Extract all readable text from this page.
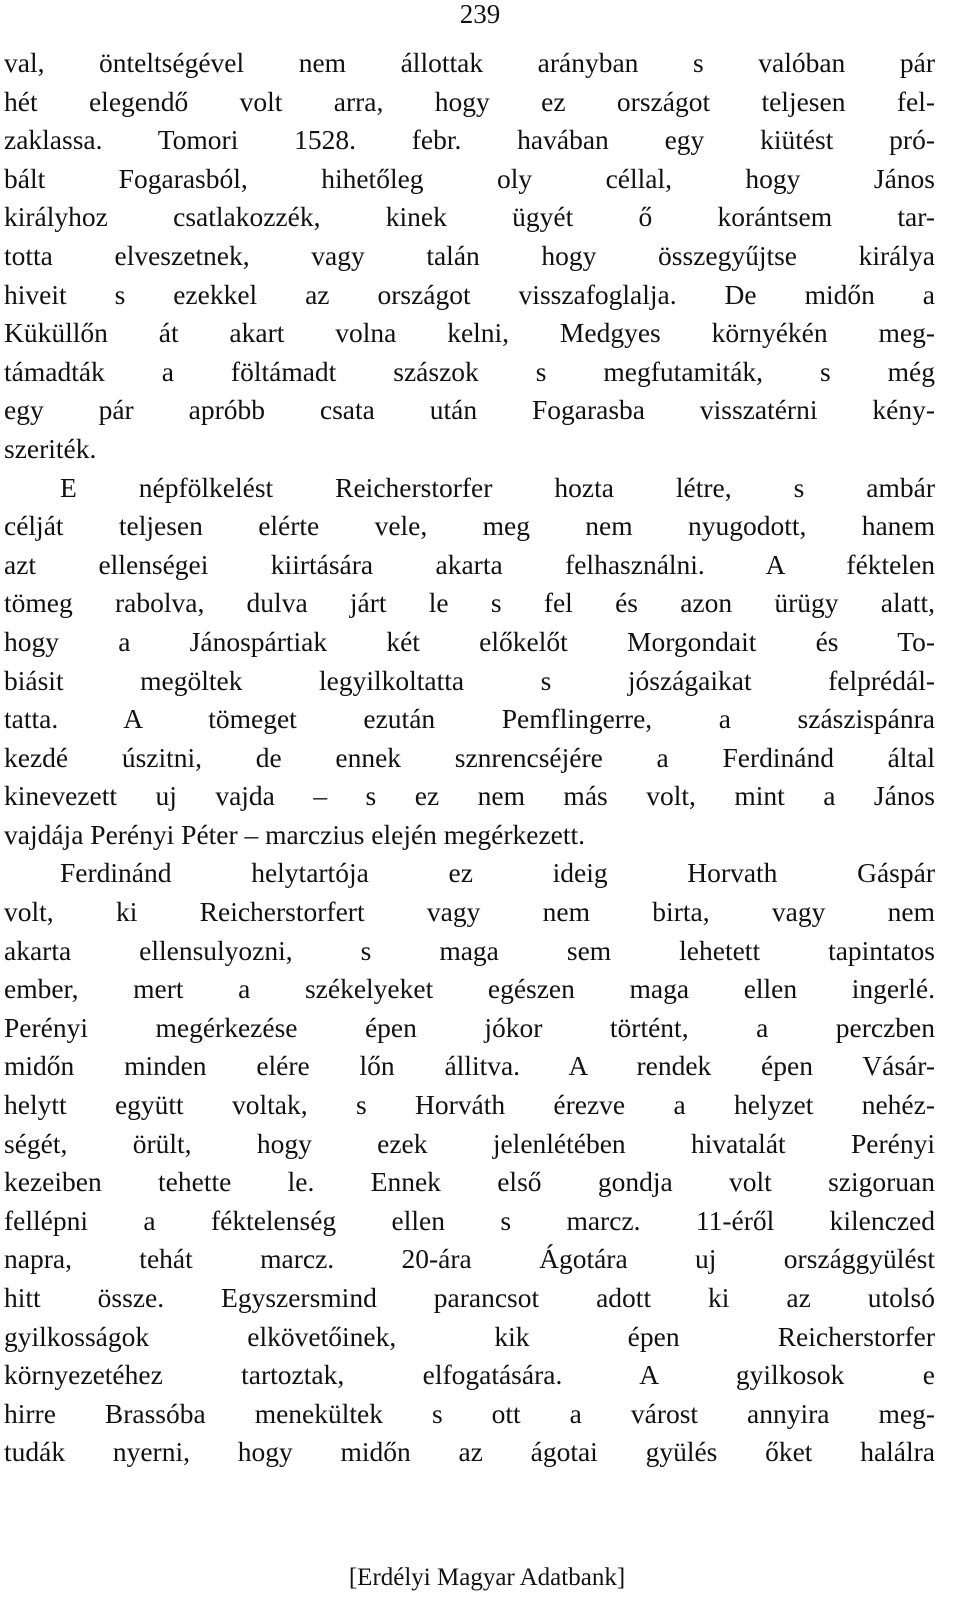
239
val, önteltségével nem állottak arányban s valóban pár
hét elegendő volt arra, hogy ez országot teljesen fel-
zaklassa. Tomori 1528. febr. havában egy kiütést pró-
bált Fogarasból, hihetőleg oly céllal, hogy János
királyhoz csatlakozzék, kinek ügyét ő korántsem tar-
totta elveszetnek, vagy talán hogy összegyűjtse királya
hiveit s ezekkel az országot visszafoglalja. De midőn a
Küküllőn át akart volna kelni, Medgyes környékén meg-
támadták a föltámadt szászok s megfutamiták, s még
egy pár apróbb csata után Fogarasba visszatérni kény-
szeriték.
E népfölkelést Reicherstorfer hozta létre, s ambár
célját teljesen elérte vele, meg nem nyugodott, hanem
azt ellenségei kiirtására akarta felhasználni. A féktelen
tömeg rabolva, dulva járt le s fel és azon ürügy alatt,
hogy a Jánospártiak két előkelőt Morgondait és To-
biásit megöltek legyilkoltatta s jószágaikat felprédál-
tatta. A tömeget ezután Pemflingerre, a szászispánra
kezdé úszitni, de ennek sznrencséjére a Ferdinánd által
kinevezett uj vajda – s ez nem más volt, mint a János
vajdája Perényi Péter – marczius elején megérkezett.
Ferdinánd helytartója ez ideig Horvath Gáspár
volt, ki Reicherstorfert vagy nem birta, vagy nem
akarta ellensulyozni, s maga sem lehetett tapintatos
ember, mert a székelyeket egészen maga ellen ingerlé.
Perényi megérkezése épen jókor történt, a perczben
midőn minden elére lőn állitva. A rendek épen Vásár-
helytt együtt voltak, s Horváth érezve a helyzet nehéz-
ségét, örült, hogy ezek jelenlétében hivatalát Perényi
kezeiben tehette le. Ennek első gondja volt szigoruan
fellépni a féktelenség ellen s marcz. 11-éről kilenczed
napra, tehát marcz. 20-ára Ágotára uj országgyülést
hitt össze. Egyszersmind parancsot adott ki az utolsó
gyilkosságok elkövetőinek, kik épen Reicherstorfer
környezetéhez tartoztak, elfogatására. A gyilkosok e
hirre Brassóba menekültek s ott a várost annyira meg-
tudák nyerni, hogy midőn az ágotai gyülés őket halálra
[Erdélyi Magyar Adatbank]
